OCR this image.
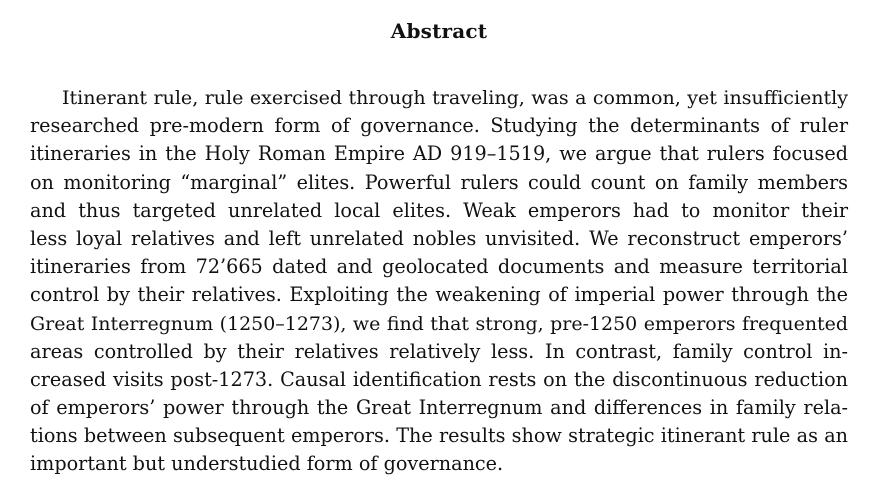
Abstract
Itinerant rule, rule exercised through traveling, was a common, yet insufficiently
researched pre-modern form of governance. Studying the determinants of ruler
itineraries in the Holy Roman Empire AD 919–1519, we argue that rulers focused
on monitoring “marginal” elites. Powerful rulers could count on family members
and thus targeted unrelated local elites. Weak emperors had to monitor their
less loyal relatives and left unrelated nobles unvisited. We reconstruct emperors’
itineraries from 72’665 dated and geolocated documents and measure territorial
control by their relatives. Exploiting the weakening of imperial power through the
Great Interregnum (1250–1273), we find that strong, pre-1250 emperors frequented
areas controlled by their relatives relatively less. In contrast, family control in-
creased visits post-1273. Causal identification rests on the discontinuous reduction
of emperors’ power through the Great Interregnum and differences in family rela-
tions between subsequent emperors. The results show strategic itinerant rule as an
important but understudied form of governance.
